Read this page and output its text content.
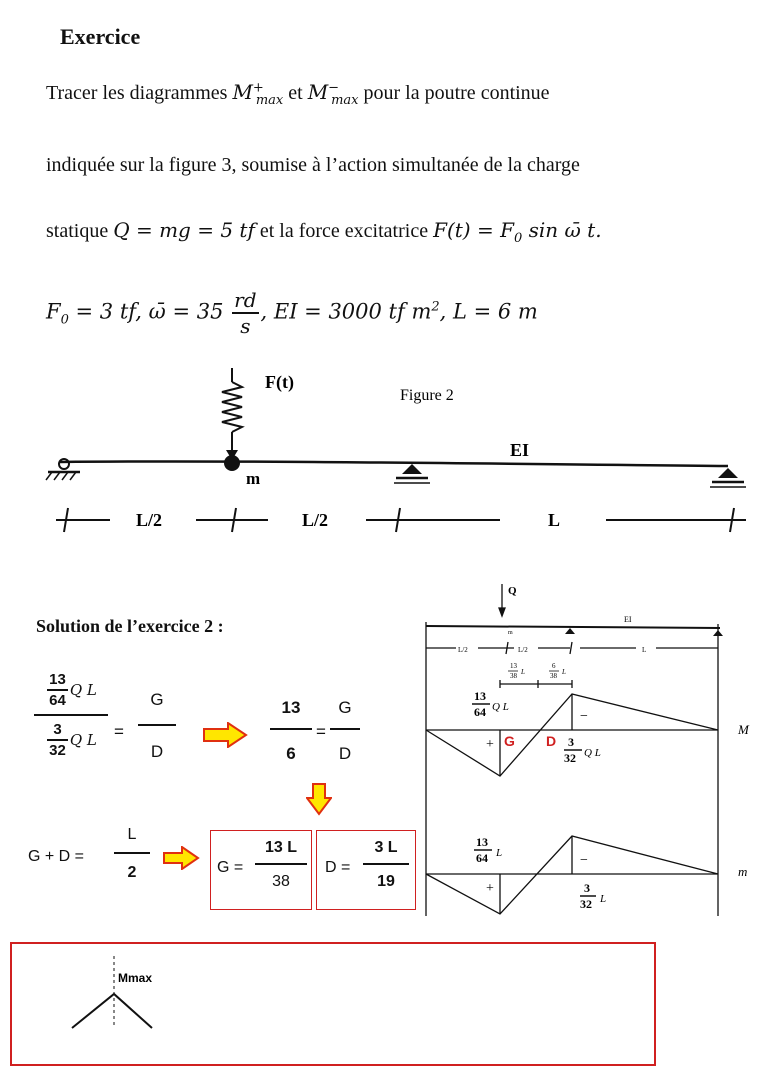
Exercice
Tracer les diagrammes $M^+_{max}$ et $M^-_{max}$ pour la poutre continue
indiquée sur la figure 3, soumise à l’action simultanée de la charge
statique Q = mg = 5 tf et la force excitatrice $F(t) = F_0$ sin ω̄ t.
$F_0 = 3$ tf, ω̄ = $35 \frac{rd}{s}$ , EI = 3000 tf $m^2$, L = 6 m
F(t)
Figure 2
m
EI
L/2	L/2	L
Solution de l’exercice 2 :
$\frac{13}{64}$ Q L
$\frac{3}{32}$ Q L =
G
D
13
6
=
G
D
G + D =
L
2	G =
13 L
38
D =
3 L
19
Q
EI
m
L/2	L/2	L
13
38 L
6
38 L
13
64 Q L
−
+ G D 3
32 Q L
M
13
64 L	−
+	3
32 L
m
Mmax
